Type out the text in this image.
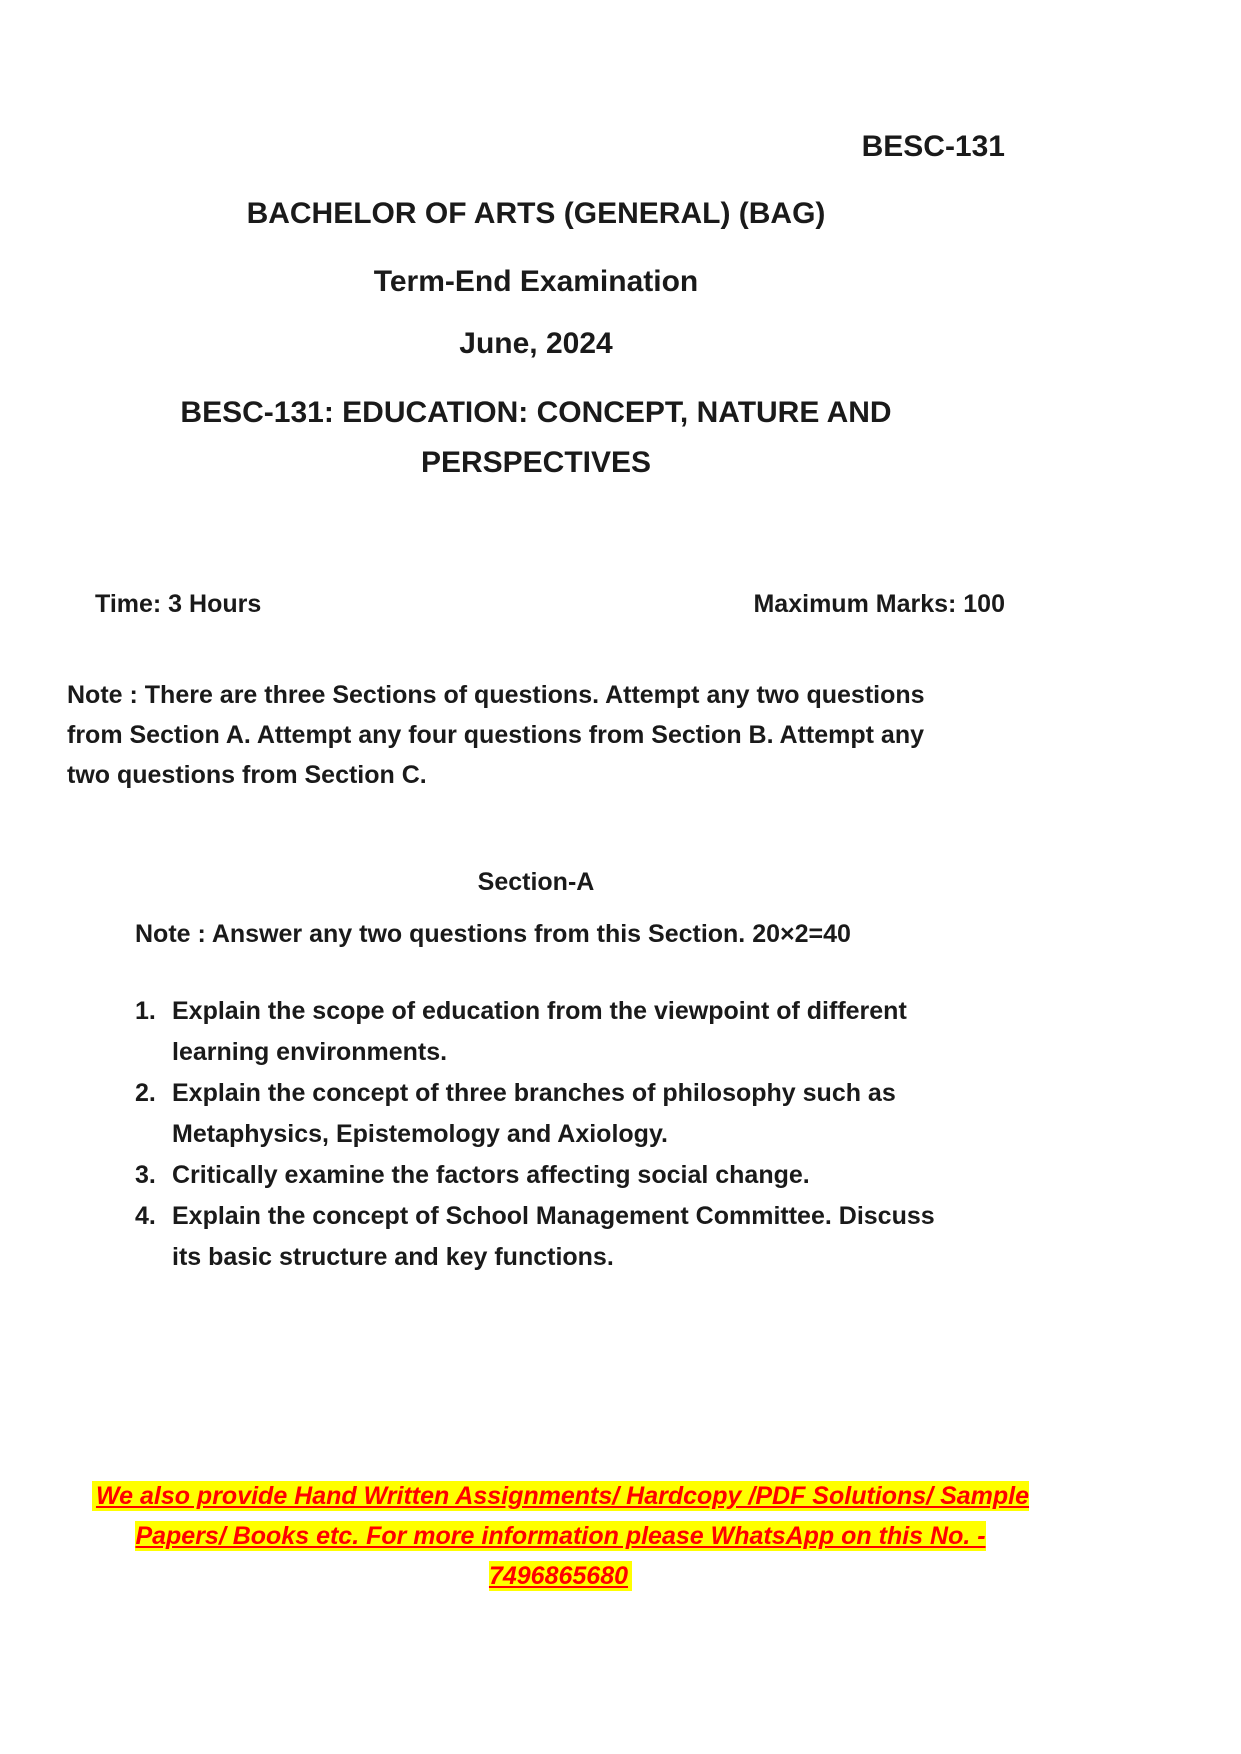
BESC-131
BACHELOR OF ARTS (GENERAL) (BAG)
Term-End Examination
June, 2024
BESC-131: EDUCATION: CONCEPT, NATURE AND PERSPECTIVES
Time: 3 Hours	Maximum Marks: 100

Note : There are three Sections of questions. Attempt any two questions from Section A. Attempt any four questions from Section B. Attempt any two questions from Section C.

Section-A

Note : Answer any two questions from this Section. 20×2=40

1. Explain the scope of education from the viewpoint of different learning environments.
2. Explain the concept of three branches of philosophy such as Metaphysics, Epistemology and Axiology.
3. Critically examine the factors affecting social change.
4. Explain the concept of School Management Committee. Discuss its basic structure and key functions.
We also provide Hand Written Assignments/ Hardcopy /PDF Solutions/ Sample Papers/ Books etc. For more information please WhatsApp on this No. - 7496865680
